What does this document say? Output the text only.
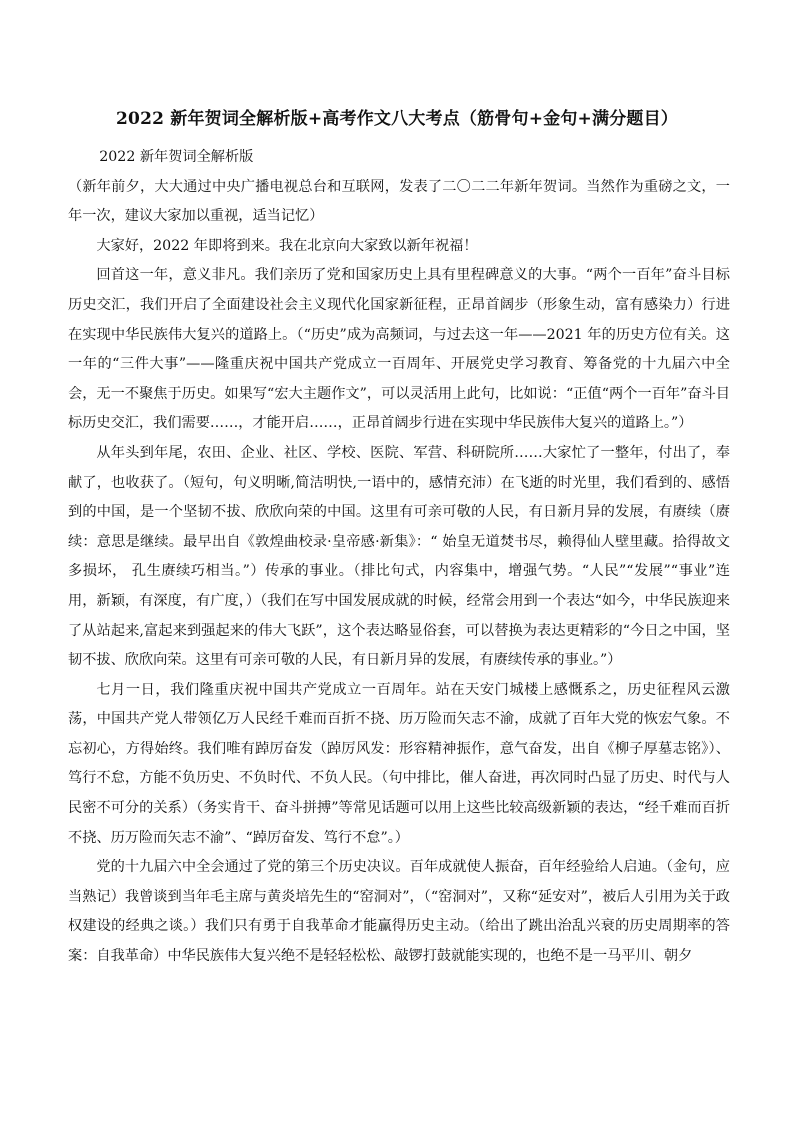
2022 新年贺词全解析版+高考作文八大考点（筋骨句+金句+满分题目）

2022 新年贺词全解析版

（新年前夕，大大通过中央广播电视总台和互联网，发表了二〇二二年新年贺词。当然作为重磅之文，一年一次，建议大家加以重视，适当记忆）

大家好，2022 年即将到来。我在北京向大家致以新年祝福！

回首这一年，意义非凡。我们亲历了党和国家历史上具有里程碑意义的大事。“两个一百年”奋斗目标历史交汇，我们开启了全面建设社会主义现代化国家新征程，正昂首阔步（形象生动，富有感染力）行进在实现中华民族伟大复兴的道路上。（“历史”成为高频词，与过去这一年——2021 年的历史方位有关。这一年的“三件大事”——隆重庆祝中国共产党成立一百周年、开展党史学习教育、筹备党的十九届六中全会，无一不聚焦于历史。如果写“宏大主题作文”，可以灵活用上此句，比如说：“正值“两个一百年”奋斗目标历史交汇，我们需要……，才能开启……，正昂首阔步行进在实现中华民族伟大复兴的道路上。”）

从年头到年尾，农田、企业、社区、学校、医院、军营、科研院所……大家忙了一整年，付出了，奉献了，也收获了。（短句，句义明晰,简洁明快,一语中的，感情充沛）在飞逝的时光里，我们看到的、感悟到的中国，是一个坚韧不拔、欣欣向荣的中国。这里有可亲可敬的人民，有日新月异的发展，有赓续（赓续：意思是继续。最早出自《敦煌曲校录·皇帝感·新集》：“ 始皇无道焚书尽，赖得仙人壁里藏。拾得故文多损坏， 孔生赓续巧相当。”）传承的事业。（排比句式，内容集中，增强气势。“人民”“发展”“事业”连用，新颖，有深度，有广度，）（我们在写中国发展成就的时候，经常会用到一个表达“如今，中华民族迎来了从站起来,富起来到强起来的伟大飞跃”，这个表达略显俗套，可以替换为表达更精彩的“今日之中国，坚韧不拔、欣欣向荣。这里有可亲可敬的人民，有日新月异的发展，有赓续传承的事业。”）

七月一日，我们隆重庆祝中国共产党成立一百周年。站在天安门城楼上感慨系之，历史征程风云激荡，中国共产党人带领亿万人民经千难而百折不挠、历万险而矢志不渝，成就了百年大党的恢宏气象。不忘初心，方得始终。我们唯有踔厉奋发（踔厉风发：形容精神振作，意气奋发，出自《柳子厚墓志铭》）、笃行不怠，方能不负历史、不负时代、不负人民。（句中排比，催人奋进，再次同时凸显了历史、时代与人民密不可分的关系）（务实肯干、奋斗拼搏”等常见话题可以用上这些比较高级新颖的表达，“经千难而百折不挠、历万险而矢志不渝”、“踔厉奋发、笃行不怠”。）

党的十九届六中全会通过了党的第三个历史决议。百年成就使人振奋，百年经验给人启迪。（金句，应当熟记）我曾谈到当年毛主席与黄炎培先生的“窑洞对”，（“窑洞对”，又称“延安对”，被后人引用为关于政权建设的经典之谈。）我们只有勇于自我革命才能赢得历史主动。（给出了跳出治乱兴衰的历史周期率的答案：自我革命）中华民族伟大复兴绝不是轻轻松松、敲锣打鼓就能实现的，也绝不是一马平川、朝夕
